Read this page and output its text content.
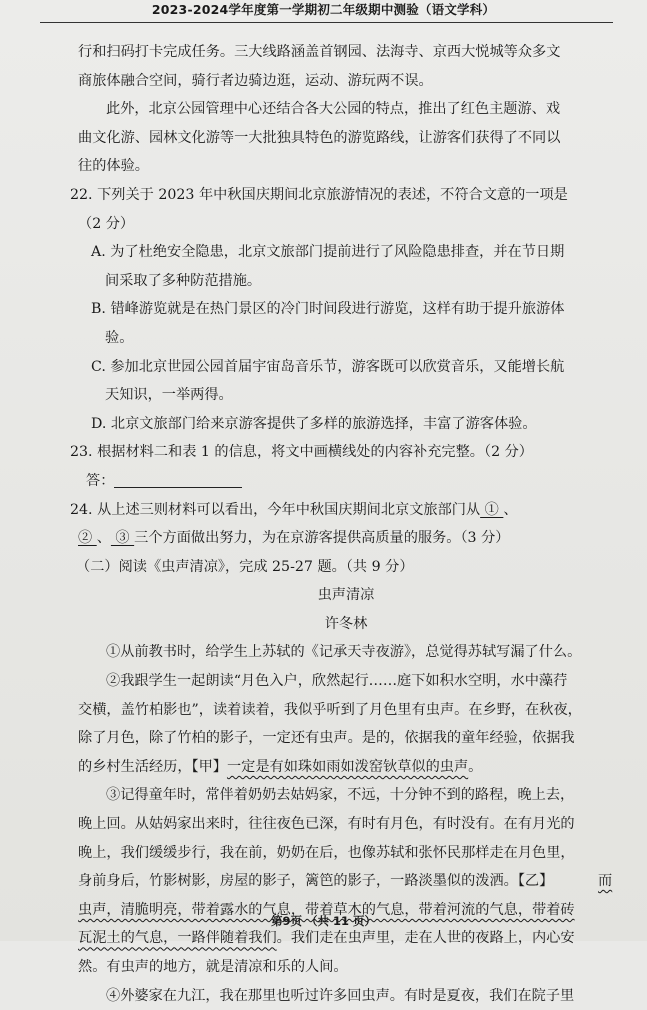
2023-2024学年度第一学期初二年级期中测验（语文学科）
行和扫码打卡完成任务。三大线路涵盖首钢园、法海寺、京西大悦城等众多文
商旅体融合空间，骑行者边骑边逛，运动、游玩两不误。
此外，北京公园管理中心还结合各大公园的特点，推出了红色主题游、戏
曲文化游、园林文化游等一大批独具特色的游览路线，让游客们获得了不同以
往的体验。
22. 下列关于 2023 年中秋国庆期间北京旅游情况的表述，不符合文意的一项是
（2 分）
A. 为了杜绝安全隐患，北京文旅部门提前进行了风险隐患排查，并在节日期
间采取了多种防范措施。
B. 错峰游览就是在热门景区的冷门时间段进行游览，这样有助于提升旅游体
验。
C. 参加北京世园公园首届宇宙岛音乐节，游客既可以欣赏音乐，又能增长航
天知识，一举两得。
D. 北京文旅部门给来京游客提供了多样的旅游选择，丰富了游客体验。
23. 根据材料二和表 1 的信息，将文中画横线处的内容补充完整。（2 分）
答：
24. 从上述三则材料可以看出，今年中秋国庆期间北京文旅部门从 ① 、
② 、 ③ 三个方面做出努力，为在京游客提供高质量的服务。（3 分）
（二）阅读《虫声清凉》，完成 25-27 题。（共 9 分）
虫声清凉
许冬林
①从前教书时，给学生上苏轼的《记承天寺夜游》，总觉得苏轼写漏了什么。
②我跟学生一起朗读“月色入户，欣然起行……庭下如积水空明，水中藻荇
交横，盖竹柏影也”，读着读着，我似乎听到了月色里有虫声。在乡野，在秋夜，
除了月色，除了竹柏的影子，一定还有虫声。是的，依据我的童年经验，依据我
的乡村生活经历，【甲】一定是有如珠如雨如泼窑钬草似的虫声。
③记得童年时，常伴着奶奶去姑妈家，不远，十分钟不到的路程，晚上去，
晚上回。从姑妈家出来时，往往夜色已深，有时有月色，有时没有。在有月光的
晚上，我们缓缓步行，我在前，奶奶在后，也像苏轼和张怀民那样走在月色里，
身前身后，竹影树影，房屋的影子，篱笆的影子，一路淡墨似的泼洒。【乙】	而
虫声，清脆明亮，带着露水的气息，带着草木的气息，带着河流的气息，带着砖
瓦泥土的气息，一路伴随着我们。我们走在虫声里，走在人世的夜路上，内心安
然。有虫声的地方，就是清凉和乐的人间。
④外婆家在九江，我在那里也听过许多回虫声。有时是夏夜，我们在院子里
第9页 （共 11 页）
